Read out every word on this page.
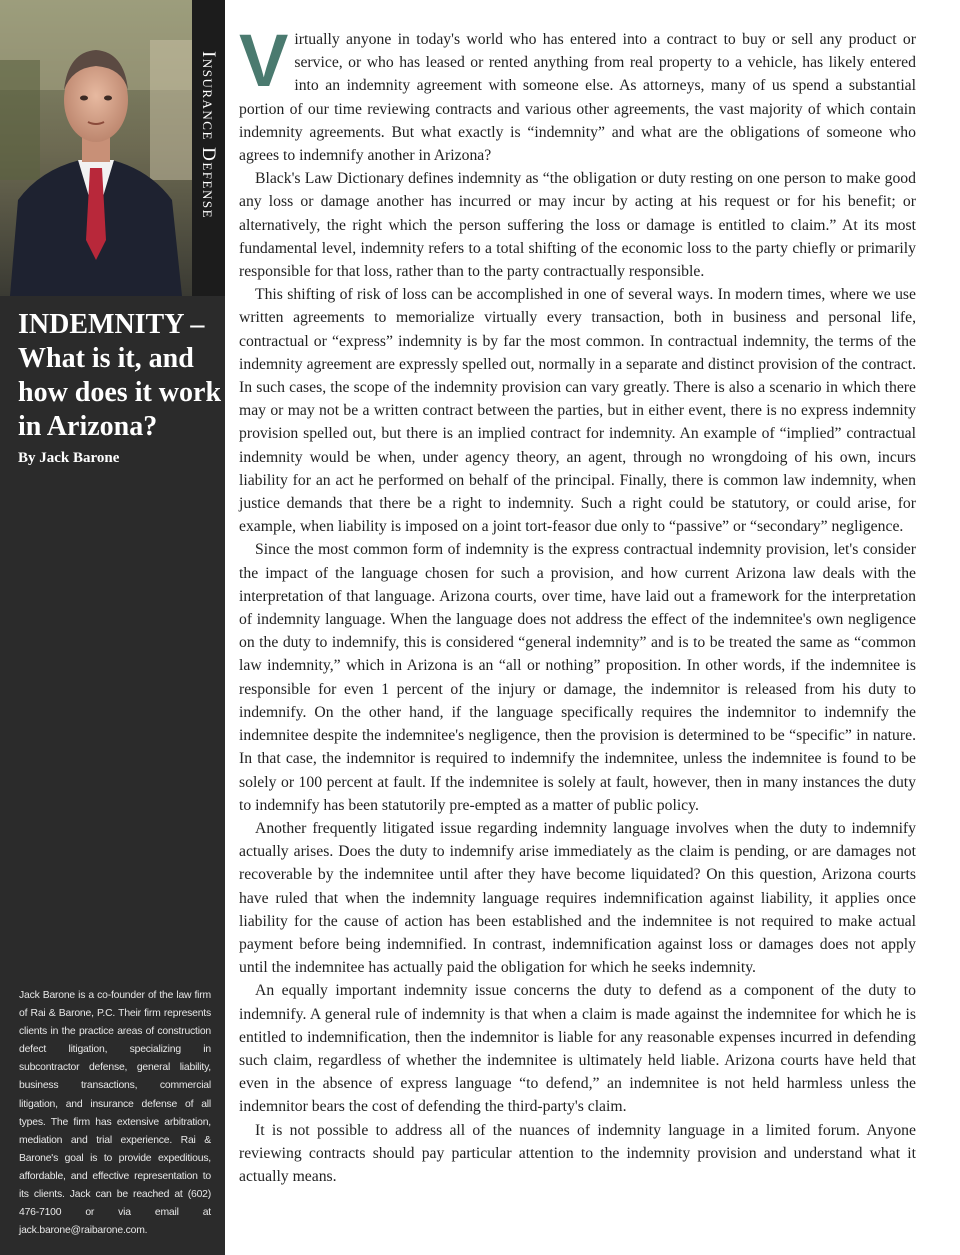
Insurance Defense
INDEMNITY – What is it, and how does it work in Arizona?

By Jack Barone

Jack Barone is a co-founder of the law firm of Rai & Barone, P.C. Their firm represents clients in the practice areas of construction defect litigation, specializing in subcontractor defense, general liability, business transactions, commercial litigation, and insurance defense of all types. The firm has extensive arbitration, mediation and trial experience. Rai & Barone's goal is to provide expeditious, affordable, and effective representation to its clients. Jack can be reached at (602) 476-7100 or via email at jack.barone@raibarone.com.

Virtually anyone in today's world who has entered into a contract to buy or sell any product or service, or who has leased or rented anything from real property to a vehicle, has likely entered into an indemnity agreement with someone else. As attorneys, many of us spend a substantial portion of our time reviewing contracts and various other agreements, the vast majority of which contain indemnity agreements. But what exactly is “indemnity” and what are the obligations of someone who agrees to indemnify another in Arizona?

Black's Law Dictionary defines indemnity as “the obligation or duty resting on one person to make good any loss or damage another has incurred or may incur by acting at his request or for his benefit; or alternatively, the right which the person suffering the loss or damage is entitled to claim.” At its most fundamental level, indemnity refers to a total shifting of the economic loss to the party chiefly or primarily responsible for that loss, rather than to the party contractually responsible.

This shifting of risk of loss can be accomplished in one of several ways. In modern times, where we use written agreements to memorialize virtually every transaction, both in business and personal life, contractual or “express” indemnity is by far the most common. In contractual indemnity, the terms of the indemnity agreement are expressly spelled out, normally in a separate and distinct provision of the contract. In such cases, the scope of the indemnity provision can vary greatly. There is also a scenario in which there may or may not be a written contract between the parties, but in either event, there is no express indemnity provision spelled out, but there is an implied contract for indemnity. An example of “implied” contractual indemnity would be when, under agency theory, an agent, through no wrongdoing of his own, incurs liability for an act he performed on behalf of the principal. Finally, there is common law indemnity, when justice demands that there be a right to indemnity. Such a right could be statutory, or could arise, for example, when liability is imposed on a joint tort-feasor due only to “passive” or “secondary” negligence.

Since the most common form of indemnity is the express contractual indemnity provision, let's consider the impact of the language chosen for such a provision, and how current Arizona law deals with the interpretation of that language. Arizona courts, over time, have laid out a framework for the interpretation of indemnity language. When the language does not address the effect of the indemnitee's own negligence on the duty to indemnify, this is considered “general indemnity” and is to be treated the same as “common law indemnity,” which in Arizona is an “all or nothing” proposition. In other words, if the indemnitee is responsible for even 1 percent of the injury or damage, the indemnitor is released from his duty to indemnify. On the other hand, if the language specifically requires the indemnitor to indemnify the indemnitee despite the indemnitee's negligence, then the provision is determined to be “specific” in nature. In that case, the indemnitor is required to indemnify the indemnitee, unless the indemnitee is found to be solely or 100 percent at fault. If the indemnitee is solely at fault, however, then in many instances the duty to indemnify has been statutorily pre-empted as a matter of public policy.

Another frequently litigated issue regarding indemnity language involves when the duty to indemnify actually arises. Does the duty to indemnify arise immediately as the claim is pending, or are damages not recoverable by the indemnitee until after they have become liquidated? On this question, Arizona courts have ruled that when the indemnity language requires indemnification against liability, it applies once liability for the cause of action has been established and the indemnitee is not required to make actual payment before being indemnified. In contrast, indemnification against loss or damages does not apply until the indemnitee has actually paid the obligation for which he seeks indemnity.

An equally important indemnity issue concerns the duty to defend as a component of the duty to indemnify. A general rule of indemnity is that when a claim is made against the indemnitee for which he is entitled to indemnification, then the indemnitor is liable for any reasonable expenses incurred in defending such claim, regardless of whether the indemnitee is ultimately held liable. Arizona courts have held that even in the absence of express language “to defend,” an indemnitee is not held harmless unless the indemnitor bears the cost of defending the third-party's claim.

It is not possible to address all of the nuances of indemnity language in a limited forum. Anyone reviewing contracts should pay particular attention to the indemnity provision and understand what it actually means.
